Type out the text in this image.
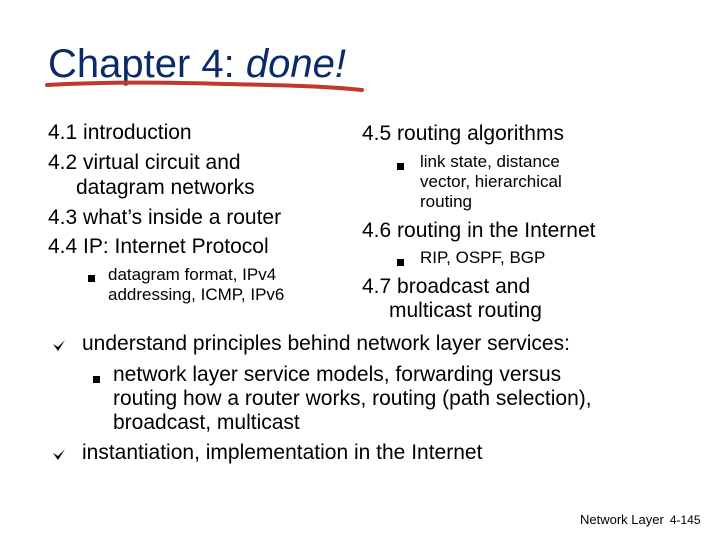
Chapter 4: done!
4.1 introduction
4.2 virtual circuit and
datagram networks
4.3 what’s inside a router
4.4 IP: Internet Protocol
datagram format, IPv4
addressing, ICMP, IPv6
4.5 routing algorithms
link state, distance
vector, hierarchical
routing
4.6 routing in the Internet
RIP, OSPF, BGP
4.7 broadcast and
multicast routing
understand principles behind network layer services:
network layer service models, forwarding versus
routing how a router works, routing (path selection),
broadcast, multicast
instantiation, implementation in the Internet
Network Layer 4-145
